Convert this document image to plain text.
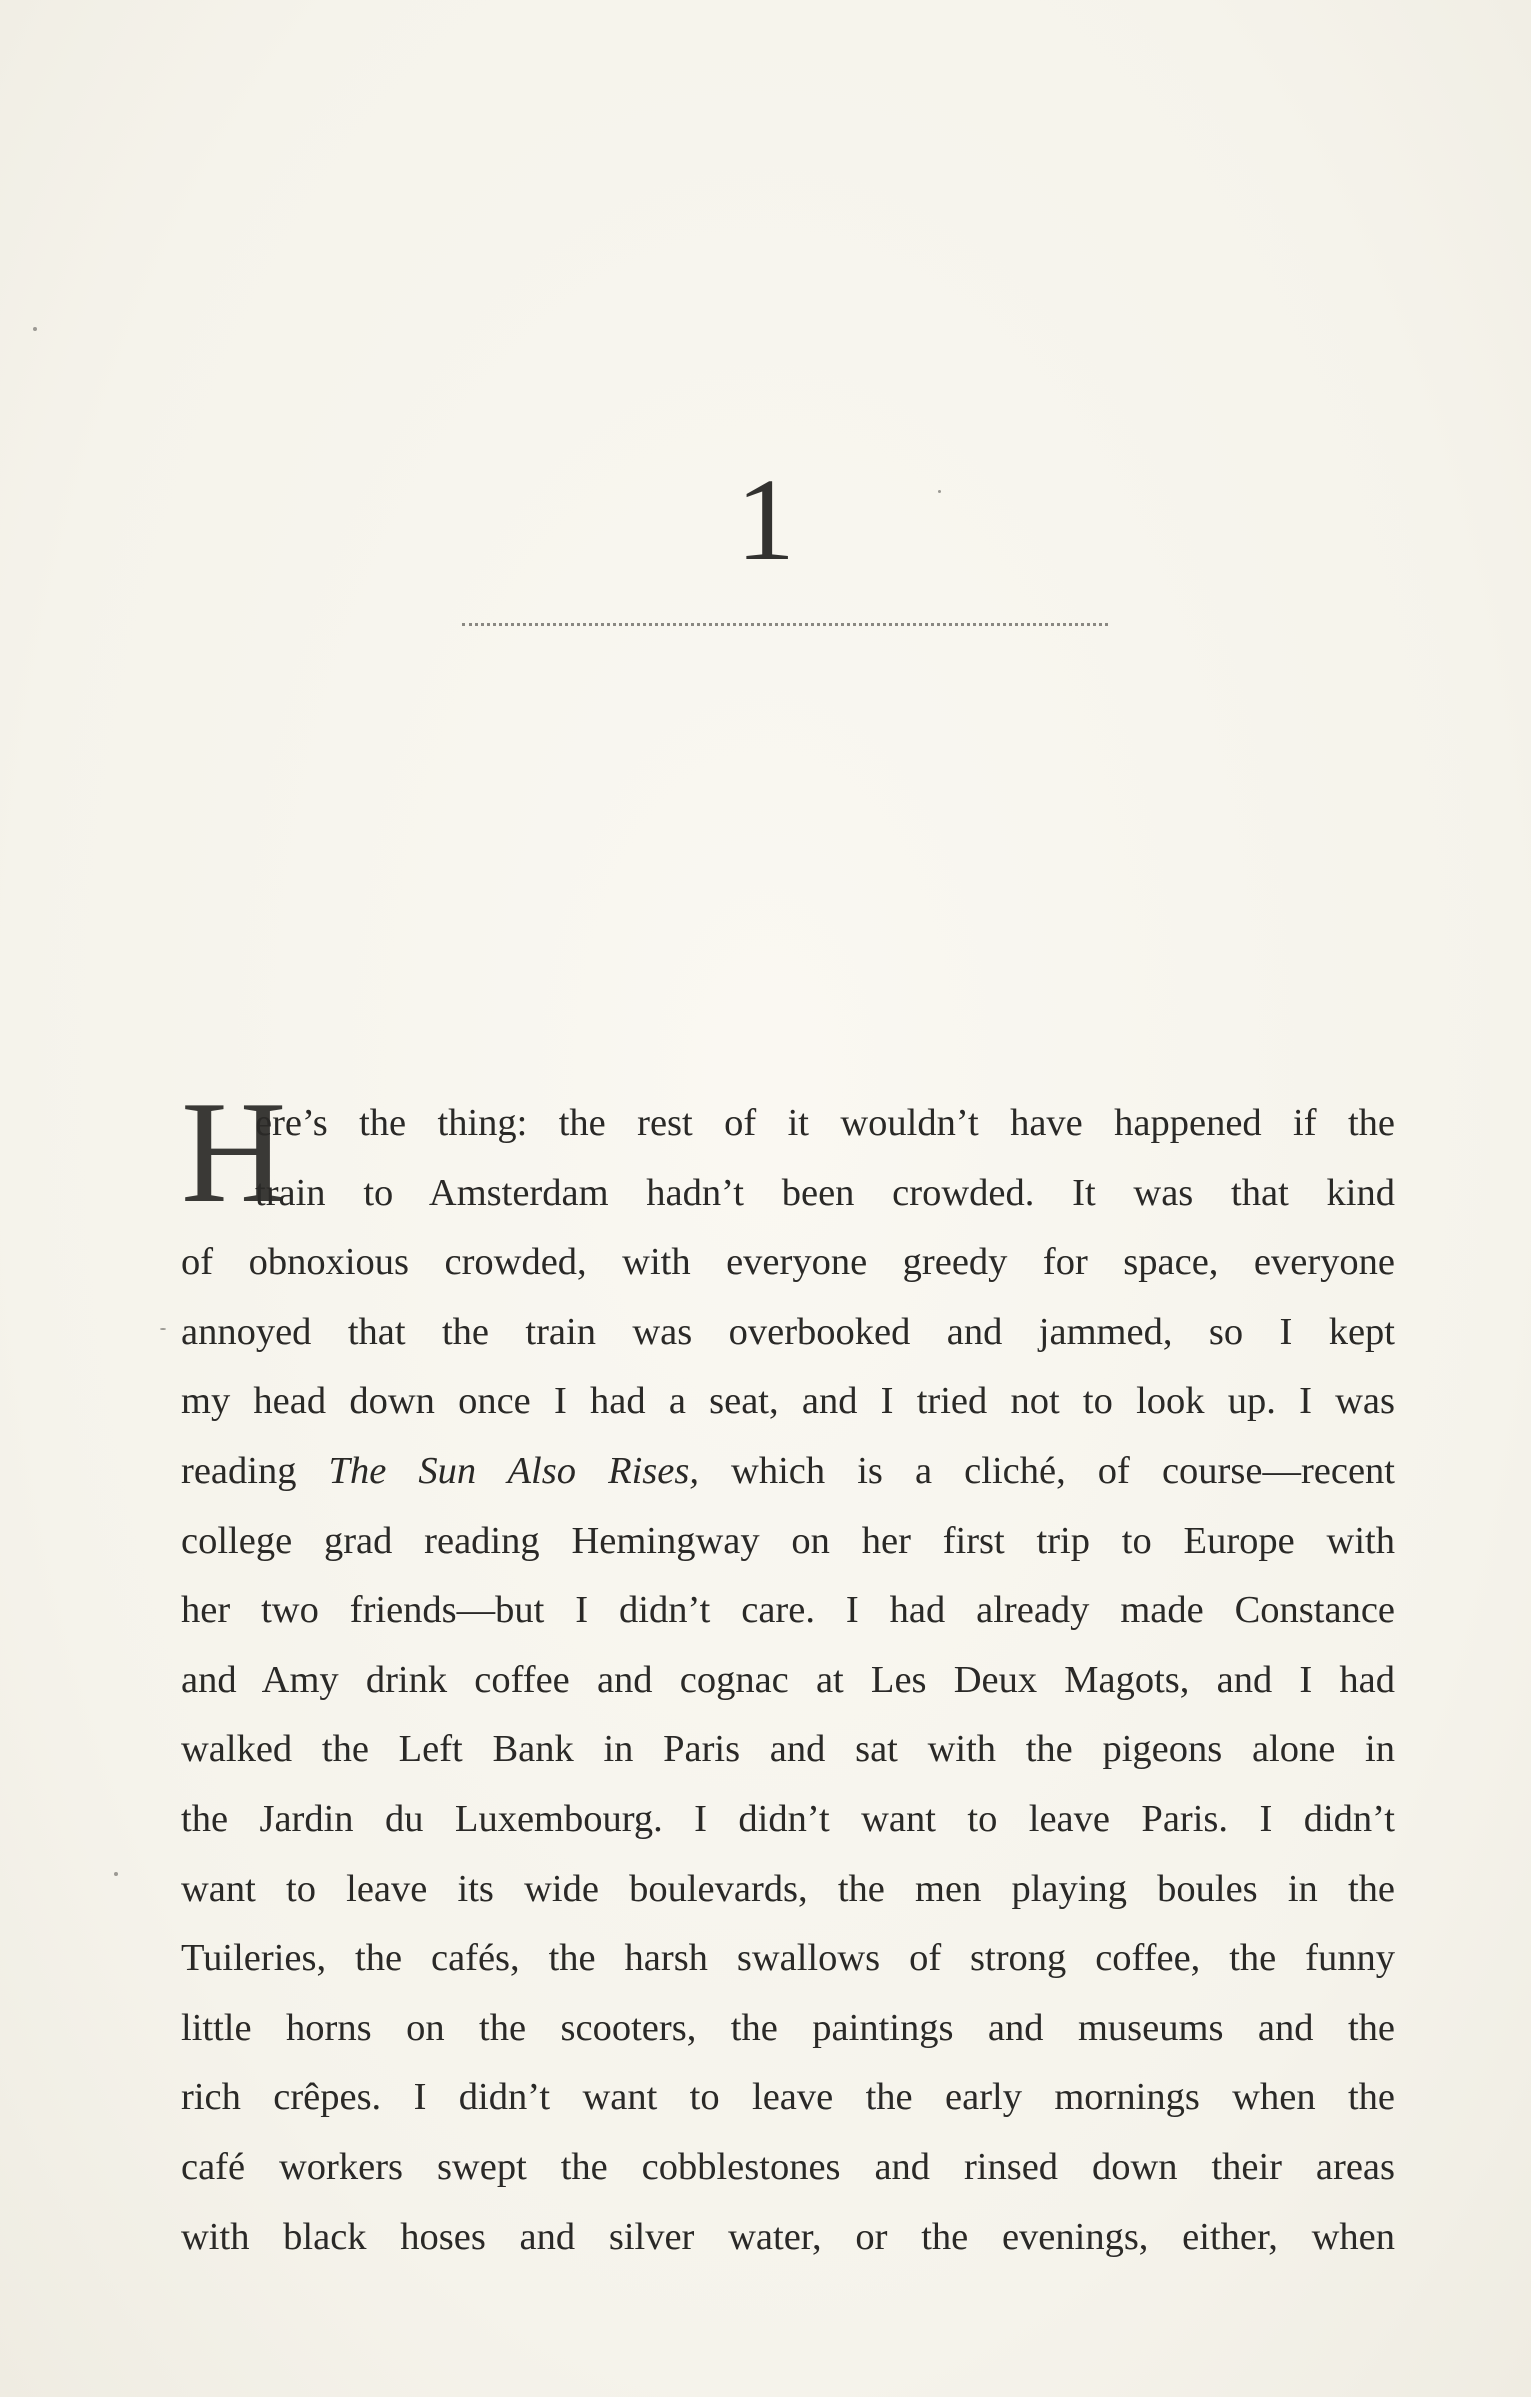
1
H
ere’s the thing: the rest of it wouldn’t have happened if the
train to Amsterdam hadn’t been crowded. It was that kind
of obnoxious crowded, with everyone greedy for space, everyone
annoyed that the train was overbooked and jammed, so I kept
my head down once I had a seat, and I tried not to look up. I was
reading The Sun Also Rises, which is a cliché, of course—recent
college grad reading Hemingway on her first trip to Europe with
her two friends—but I didn’t care. I had already made Constance
and Amy drink coffee and cognac at Les Deux Magots, and I had
walked the Left Bank in Paris and sat with the pigeons alone in
the Jardin du Luxembourg. I didn’t want to leave Paris. I didn’t
want to leave its wide boulevards, the men playing boules in the
Tuileries, the cafés, the harsh swallows of strong coffee, the funny
little horns on the scooters, the paintings and museums and the
rich crêpes. I didn’t want to leave the early mornings when the
café workers swept the cobblestones and rinsed down their areas
with black hoses and silver water, or the evenings, either, when
